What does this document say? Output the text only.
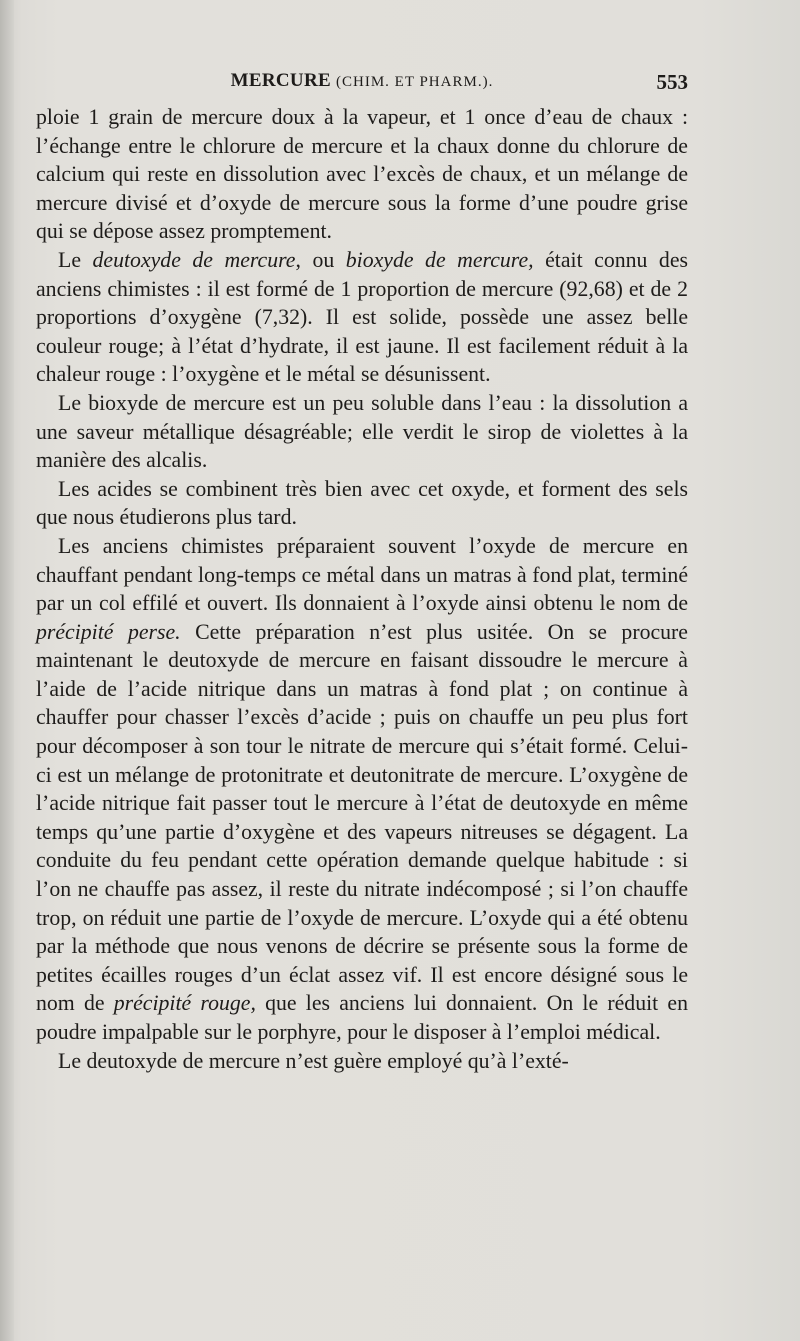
MERCURE (CHIM. ET PHARM.).	553

ploie 1 grain de mercure doux à la vapeur, et 1 once d’eau de chaux : l’échange entre le chlorure de mercure et la chaux donne du chlorure de calcium qui reste en dissolution avec l’excès de chaux, et un mélange de mercure divisé et d’oxyde de mercure sous la forme d’une poudre grise qui se dépose assez promptement.

Le deutoxyde de mercure, ou bioxyde de mercure, était connu des anciens chimistes : il est formé de 1 proportion de mercure (92,68) et de 2 proportions d’oxygène (7,32). Il est solide, possède une assez belle couleur rouge; à l’état d’hydrate, il est jaune. Il est facilement réduit à la chaleur rouge : l’oxygène et le métal se désunissent.

Le bioxyde de mercure est un peu soluble dans l’eau : la dissolution a une saveur métallique désagréable; elle verdit le sirop de violettes à la manière des alcalis.

Les acides se combinent très bien avec cet oxyde, et forment des sels que nous étudierons plus tard.

Les anciens chimistes préparaient souvent l’oxyde de mercure en chauffant pendant long-temps ce métal dans un matras à fond plat, terminé par un col effilé et ouvert. Ils donnaient à l’oxyde ainsi obtenu le nom de précipité perse. Cette préparation n’est plus usitée. On se procure maintenant le deutoxyde de mercure en faisant dissoudre le mercure à l’aide de l’acide nitrique dans un matras à fond plat ; on continue à chauffer pour chasser l’excès d’acide ; puis on chauffe un peu plus fort pour décomposer à son tour le nitrate de mercure qui s’était formé. Celui-ci est un mélange de protonitrate et deutonitrate de mercure. L’oxygène de l’acide nitrique fait passer tout le mercure à l’état de deutoxyde en même temps qu’une partie d’oxygène et des vapeurs nitreuses se dégagent. La conduite du feu pendant cette opération demande quelque habitude : si l’on ne chauffe pas assez, il reste du nitrate indécomposé ; si l’on chauffe trop, on réduit une partie de l’oxyde de mercure. L’oxyde qui a été obtenu par la méthode que nous venons de décrire se présente sous la forme de petites écailles rouges d’un éclat assez vif. Il est encore désigné sous le nom de précipité rouge, que les anciens lui donnaient. On le réduit en poudre impalpable sur le porphyre, pour le disposer à l’emploi médical.

Le deutoxyde de mercure n’est guère employé qu’à l’exté-
